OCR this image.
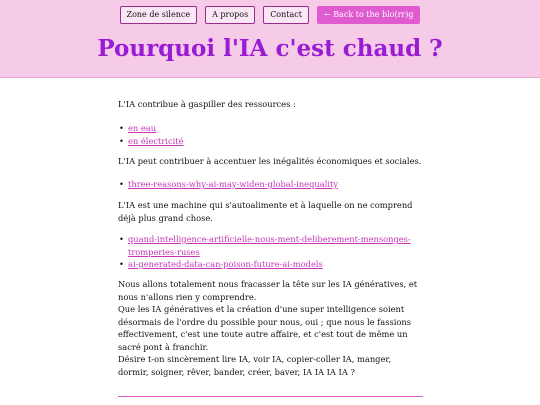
Zone de silence	A propos	Contact	← Back to the blo(rr)g
Pourquoi l'IA c'est chaud ?

L'IA contribue à gaspiller des ressources :

• en eau
• en électricité

L'IA peut contribuer à accentuer les inégalités économiques et sociales.

• three-reasons-why-ai-may-widen-global-inequality

L'IA est une machine qui s'autoalimente et à laquelle on ne comprend déjà plus grand chose.

• quand-intelligence-artificielle-nous-ment-deliberement-mensonges-tromperies-ruses
• ai-generated-data-can-poison-future-ai-models

Nous allons totalement nous fracasser la tête sur les IA génératives, et nous n'allons rien y comprendre.

Que les IA génératives et la création d'une super intelligence soient désormais de l'ordre du possible pour nous, oui ; que nous le fassions effectivement, c'est une toute autre affaire, et c'est tout de même un sacré pont à franchir.

Désire t-on sincèrement lire IA, voir IA, copier-coller IA, manger, dormir, soigner, rêver, bander, créer, baver, IA IA IA IA ?
